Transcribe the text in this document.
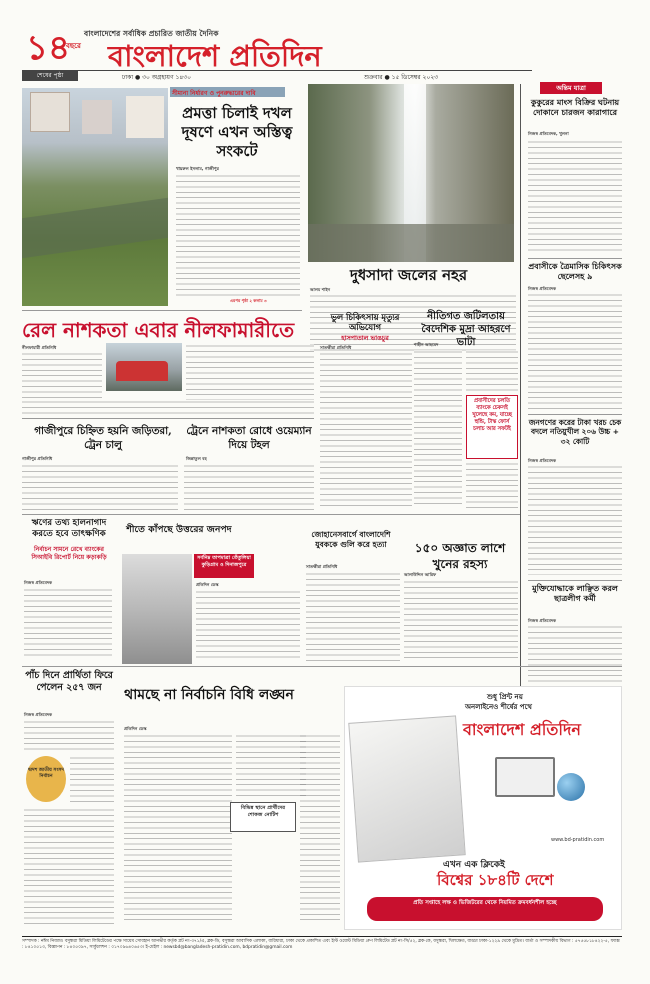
১৪
বছরে
বাংলাদেশের সর্বাধিক প্রচারিত জাতীয় দৈনিক
বাংলাদেশ প্রতিদিন
শেষের পৃষ্ঠা	ঢাকা ● ৩০ অগ্রহায়ণ ১৪৩০	শুক্রবার ● ১৫ ডিসেম্বর ২০২৩
সীমানা নির্ধারণ ও পুনরুদ্ধারের দাবি
প্রমত্তা চিলাই দখল দূষণে এখন অস্তিত্ব সংকটে
খায়রুল ইসলাম, গাজীপুর
এরপর পৃষ্ঠা ২ কলাম ৩
দুধসাদা জলের নহর
আলম শাইন
অন্তিম যাত্রা
কুকুরের মাংস বিক্রির ঘটনায় দোকানে চারজন কারাগারে
নিজস্ব প্রতিবেদক, খুলনা
প্রবাসীকে ত্রৈমাসিক চিকিৎসক ছেলেসহ ৯
নিজস্ব প্রতিবেদক
জনগণের করের টাকা খরচ চেক বদলে নতিয়ুখীল ২০৬ উচ্চ + ৩২ কোটি
নিজস্ব প্রতিবেদক
মুক্তিযোদ্ধাকে লাঞ্ছিত করল ছাত্রলীগ কর্মী
নিজস্ব প্রতিবেদক
রেল নাশকতা এবার নীলফামারীতে
নীলফামারী প্রতিনিধি
ভুল চিকিৎসায় মৃত্যুর অভিযোগ
হাসপাতাল ভাঙচুর
সাতক্ষীরা প্রতিনিধি
নীতিগত জটিলতায় বৈদেশিক মুদ্রা আহরণে ভাটা
শাহীন আহমেদ
প্রবাসীদের চলতি ব্যাংকে চেকসই খুলেছে কম, যাচ্ছে হুন্ডি, টাস্ক ফোর্স চলাচ আর সফটই
গাজীপুরে চিহ্নিত হয়নি জড়িতরা, ট্রেন চালু
ট্রেনে নাশকতা রোধে ওয়েম্যান দিয়ে টহল
গাজীপুর প্রতিনিধি	জিন্নাতুল বহ
ঋণের তথ্য হালনাগাদ করতে হবে তাৎক্ষণিক
নির্বাচন সামনে রেখে ব্যাংকের সিআইবি রিপোর্ট নিয়ে কড়াকড়ি
নিজস্ব প্রতিবেদক
শীতে কাঁপছে উত্তরের জনপদ
সর্বনিম্ন তাপমাত্রা তেঁতুলিয়া কুড়িগ্রাম ও দিনাজপুরে
প্রতিদিন ডেস্ক
জোহানেসবার্গে বাংলাদেশি যুবককে গুলি করে হত্যা
সাতক্ষীরা প্রতিনিধি
১৫০ অজ্ঞাত লাশে খুনের রহস্য
আলাউদ্দিন আরিফ
পাঁচ দিনে প্রার্থিতা ফিরে পেলেন ২৫৭ জন
নিজস্ব প্রতিবেদক
দ্বাদশ জাতীয় সংসদ নির্বাচন
থামছে না নির্বাচনি বিধি লঙ্ঘন
প্রতিদিন ডেস্ক
বিভিন্ন স্থানে প্রার্থীদের শোকজ নোটিশ
শুধু প্রিন্ট নয়
অনলাইনেও শীর্ষের পথে
বাংলাদেশ প্রতিদিন
www.bd-pratidin.com
এখন এক ক্লিকেই
বিশ্বের ১৮৪টি দেশে
প্রতি সপ্তাহে লক্ষ ও ভিজিটরের থেকে নিয়মিত ক্রমবর্ধনশীল হচ্ছে
সম্পাদক : নঈম নিজাম। বসুন্ধরা মিডিয়া লিমিটেডের পক্ষে সায়েম সোবহান আনভীর কর্তৃক প্লট নং-৩৭১/এ, ব্লক-ডি, বসুন্ধরা আবাসিক এলাকা, বারিধারা, ঢাকা থেকে প্রকাশিত এবং ইস্ট ওয়েস্ট মিডিয়া গ্রুপ লিমিটেড প্লট নং-সি/৫২, ব্লক-কে, বসুন্ধরা, খিলক্ষেত, বাড্ডা ঢাকা-১২২৯ থেকে মুদ্রিত। বার্তা ও সম্পাদকীয় বিভাগ : ৫৭৫৫৮১৮৪২২-৫, ফ্যাক্স : ৮৪১০৫১৩, বিজ্ঞাপন : ৮৪০৫০৯৭, সার্কুলেশন : ০১৭০৯৬৪০৬৫৩। ই-মেইল : newsbd@bangladesh-pratidin.com, bdpratidin@gmail.com
